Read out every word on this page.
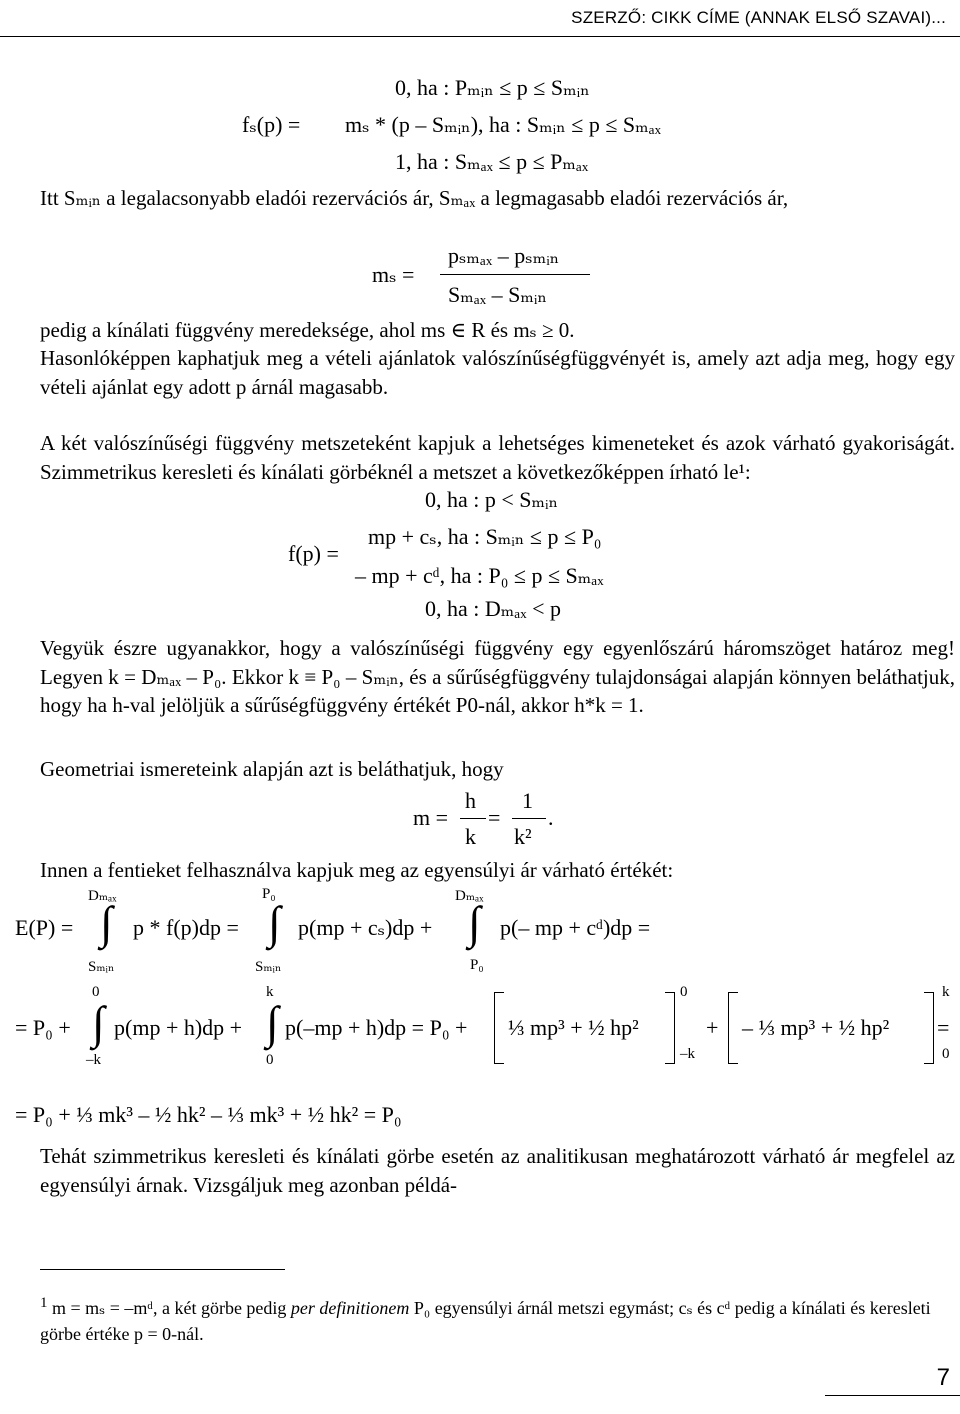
SZERZŐ: CIKK CÍME (ANNAK ELSŐ SZAVAI)...
fₛ(p) =
0, ha : Pₘᵢₙ ≤ p ≤ Sₘᵢₙ
mₛ * (p – Sₘᵢₙ), ha : Sₘᵢₙ ≤ p ≤ Sₘₐₓ
1, ha : Sₘₐₓ ≤ p ≤ Pₘₐₓ

Itt Sₘᵢₙ a legalacsonyabb eladói rezervációs ár, Sₘₐₓ a legmagasabb eladói rezervációs ár,

mₛ =
pₛₘₐₓ – pₛₘᵢₙ
Sₘₐₓ – Sₘᵢₙ

pedig a kínálati függvény meredeksége, ahol ms ∈ R és mₛ ≥ 0.

Hasonlóképpen kaphatjuk meg a vételi ajánlatok valószínűségfüggvényét is, amely azt adja meg, hogy egy vételi ajánlat egy adott p árnál magasabb.

A két valószínűségi függvény metszeteként kapjuk a lehetséges kimeneteket és azok várható gyakoriságát. Szimmetrikus keresleti és kínálati görbéknél a metszet a következőképpen írható le¹:

f(p) =
0, ha : p < Sₘᵢₙ
mp + cₛ, ha : Sₘᵢₙ ≤ p ≤ P₀
– mp + cᵈ, ha : P₀ ≤ p ≤ Sₘₐₓ
0, ha : Dₘₐₓ < p

Vegyük észre ugyanakkor, hogy a valószínűségi függvény egy egyenlőszárú háromszöget határoz meg! Legyen k = Dₘₐₓ – P₀. Ekkor k ≡ P₀ – Sₘᵢₙ, és a sűrűségfüggvény tulajdonságai alapján könnyen beláthatjuk, hogy ha h-val jelöljük a sűrűségfüggvény értékét P0-nál, akkor h*k = 1.

Geometriai ismereteink alapján azt is beláthatjuk, hogy

m =
h
k
=
1
k²
.

Innen a fentieket felhasználva kapjuk meg az egyensúlyi ár várható értékét:

E(P) =
Dₘₐₓ
∫
Sₘᵢₙ
p * f(p)dp =
P₀
∫
Sₘᵢₙ
p(mp + cₛ)dp +
Dₘₐₓ
∫
P₀
p(– mp + cᵈ)dp =
= P₀ +
0
∫
–k
p(mp + h)dp +
k
∫
0
p(–mp + h)dp = P₀ + ⅓ mp³ + ½ hp²
0
–k
+ – ⅓ mp³ + ½ hp²
k
0
=
= P₀ + ⅓ mk³ – ½ hk² – ⅓ mk³ + ½ hk² = P₀

Tehát szimmetrikus keresleti és kínálati görbe esetén az analitikusan meghatározott várható ár megfelel az egyensúlyi árnak. Vizsgáljuk meg azonban példá-

$^1$ m = mₛ = –mᵈ, a két görbe pedig per definitionem P₀ egyensúlyi árnál metszi egymást; cₛ és cᵈ pedig a kínálati és keresleti görbe értéke p = 0-nál.

7
